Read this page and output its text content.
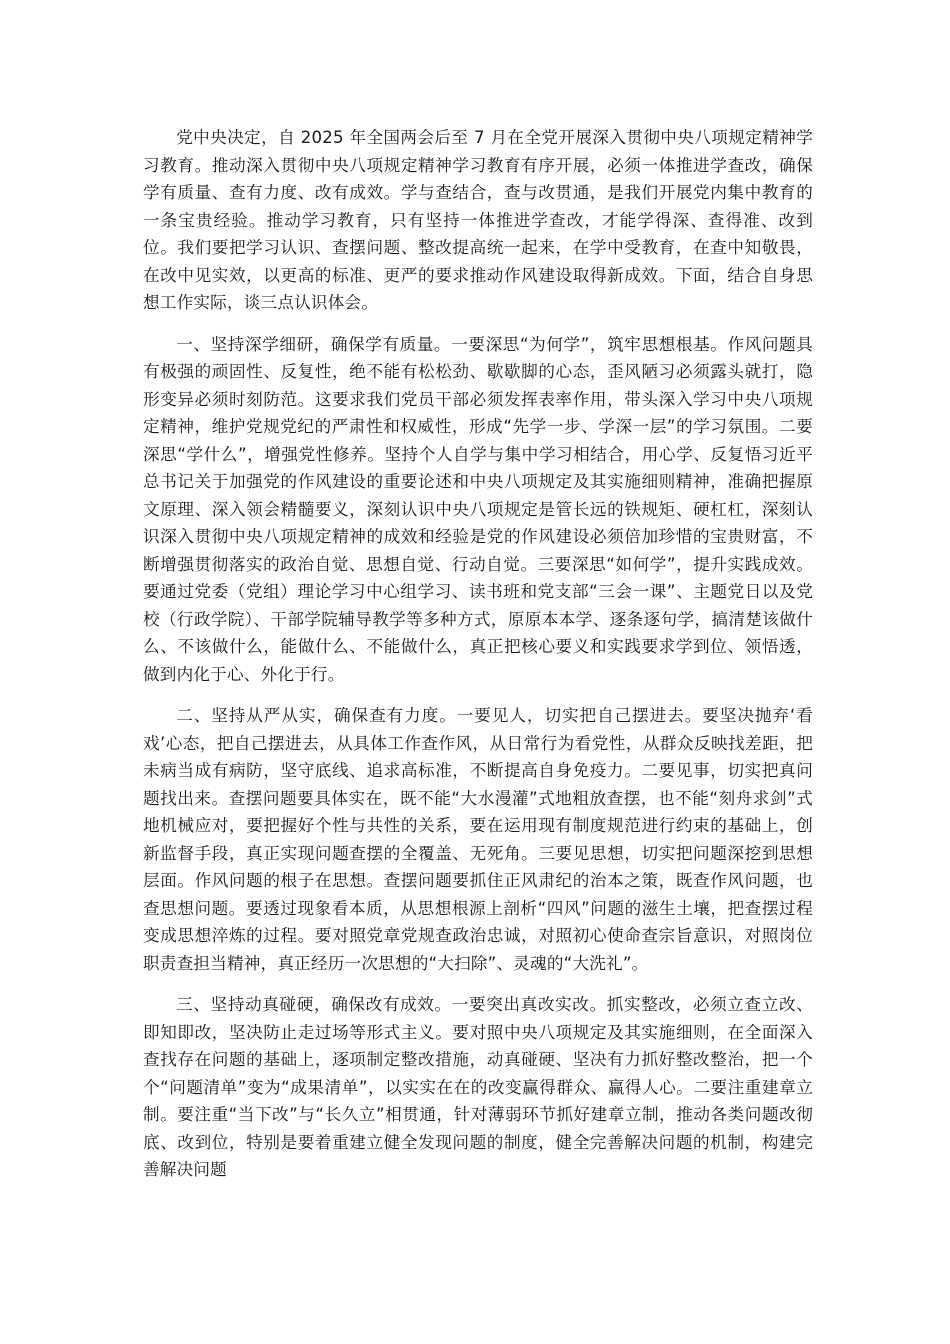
党中央决定，自 2025 年全国两会后至 7 月在全党开展深入贯彻中央八项规定精神学习教育。推动深入贯彻中央八项规定精神学习教育有序开展，必须一体推进学查改，确保学有质量、查有力度、改有成效。学与查结合，查与改贯通，是我们开展党内集中教育的一条宝贵经验。推动学习教育，只有坚持一体推进学查改，才能学得深、查得准、改到位。我们要把学习认识、查摆问题、整改提高统一起来，在学中受教育，在查中知敬畏，在改中见实效，以更高的标准、更严的要求推动作风建设取得新成效。下面，结合自身思想工作实际，谈三点认识体会。

一、坚持深学细研，确保学有质量。一要深思“为何学”，筑牢思想根基。作风问题具有极强的顽固性、反复性，绝不能有松松劲、歇歇脚的心态，歪风陋习必须露头就打，隐形变异必须时刻防范。这要求我们党员干部必须发挥表率作用，带头深入学习中央八项规定精神，维护党规党纪的严肃性和权威性，形成“先学一步、学深一层”的学习氛围。二要深思“学什么”，增强党性修养。坚持个人自学与集中学习相结合，用心学、反复悟习近平总书记关于加强党的作风建设的重要论述和中央八项规定及其实施细则精神，准确把握原文原理、深入领会精髓要义，深刻认识中央八项规定是管长远的铁规矩、硬杠杠，深刻认识深入贯彻中央八项规定精神的成效和经验是党的作风建设必须倍加珍惜的宝贵财富，不断增强贯彻落实的政治自觉、思想自觉、行动自觉。三要深思“如何学”，提升实践成效。要通过党委（党组）理论学习中心组学习、读书班和党支部“三会一课”、主题党日以及党校（行政学院）、干部学院辅导教学等多种方式，原原本本学、逐条逐句学，搞清楚该做什么、不该做什么，能做什么、不能做什么，真正把核心要义和实践要求学到位、领悟透，做到内化于心、外化于行。

二、坚持从严从实，确保查有力度。一要见人，切实把自己摆进去。要坚决抛弃‘看戏’心态，把自己摆进去，从具体工作查作风，从日常行为看党性，从群众反映找差距，把未病当成有病防，坚守底线、追求高标准，不断提高自身免疫力。二要见事，切实把真问题找出来。查摆问题要具体实在，既不能“大水漫灌”式地粗放查摆，也不能“刻舟求剑”式地机械应对，要把握好个性与共性的关系，要在运用现有制度规范进行约束的基础上，创新监督手段，真正实现问题查摆的全覆盖、无死角。三要见思想，切实把问题深挖到思想层面。作风问题的根子在思想。查摆问题要抓住正风肃纪的治本之策，既查作风问题，也查思想问题。要透过现象看本质，从思想根源上剖析“四风”问题的滋生土壤，把查摆过程变成思想淬炼的过程。要对照党章党规查政治忠诚，对照初心使命查宗旨意识，对照岗位职责查担当精神，真正经历一次思想的“大扫除”、灵魂的“大洗礼”。

三、坚持动真碰硬，确保改有成效。一要突出真改实改。抓实整改，必须立查立改、即知即改，坚决防止走过场等形式主义。要对照中央八项规定及其实施细则，在全面深入查找存在问题的基础上，逐项制定整改措施，动真碰硬、坚决有力抓好整改整治，把一个个“问题清单”变为“成果清单”，以实实在在的改变赢得群众、赢得人心。二要注重建章立制。要注重“当下改”与“长久立”相贯通，针对薄弱环节抓好建章立制，推动各类问题改彻底、改到位，特别是要着重建立健全发现问题的制度，健全完善解决问题的机制，构建完善解决问题
